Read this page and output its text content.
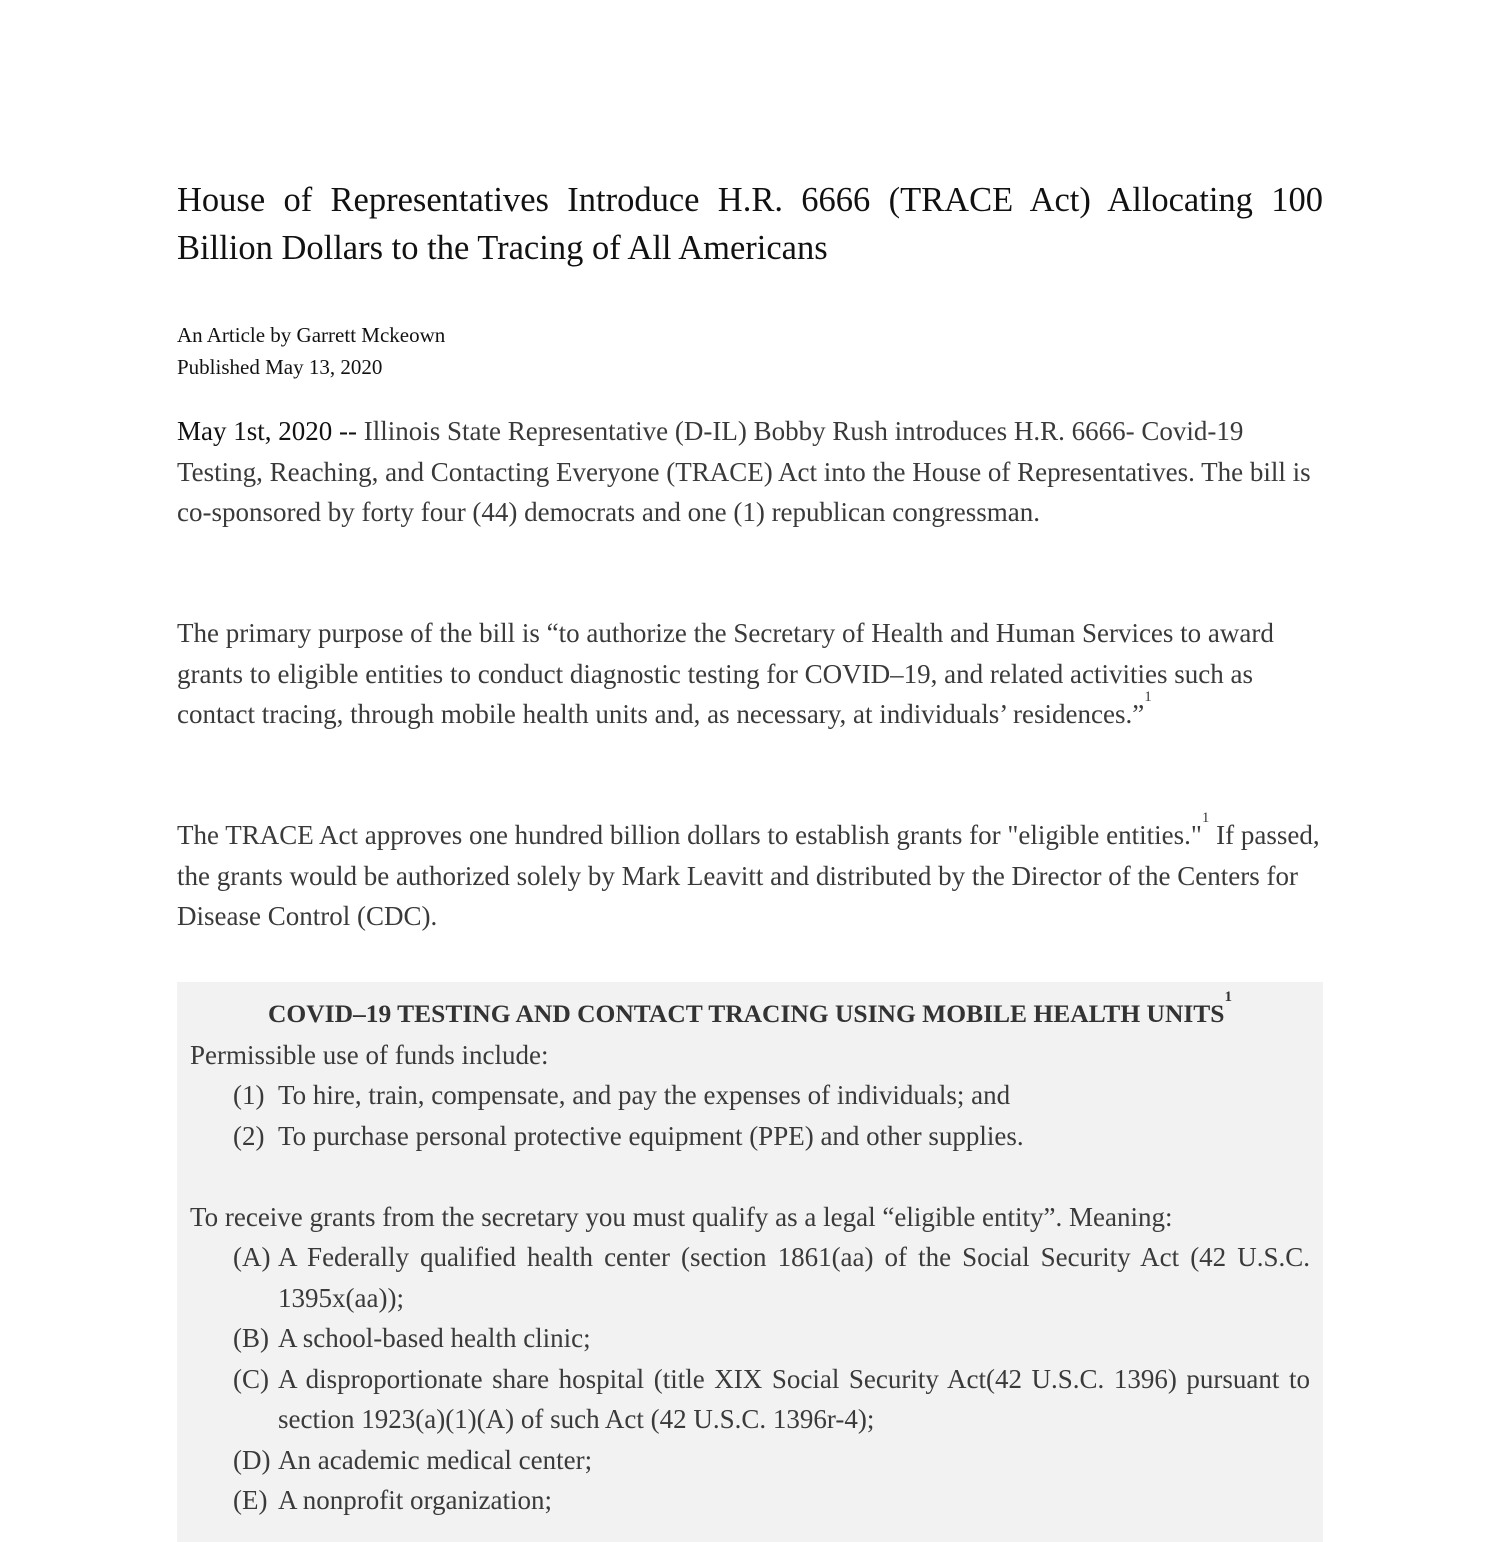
House of Representatives Introduce H.R. 6666 (TRACE Act) Allocating 100 Billion Dollars to the Tracing of All Americans
An Article by Garrett Mckeown
Published May 13, 2020

May 1st, 2020 -- Illinois State Representative (D-IL) Bobby Rush introduces H.R. 6666- Covid-19 Testing, Reaching, and Contacting Everyone (TRACE) Act into the House of Representatives. The bill is co-sponsored by forty four (44) democrats and one (1) republican congressman.

The primary purpose of the bill is “to authorize the Secretary of Health and Human Services to award grants to eligible entities to conduct diagnostic testing for COVID–19, and related activities such as contact tracing, through mobile health units and, as necessary, at individuals’ residences.”$^1$

The TRACE Act approves one hundred billion dollars to establish grants for "eligible entities."$^1$ If passed, the grants would be authorized solely by Mark Leavitt and distributed by the Director of the Centers for Disease Control (CDC).

COVID–19 TESTING AND CONTACT TRACING USING MOBILE HEALTH UNITS$^1$
Permissible use of funds include:
(1) To hire, train, compensate, and pay the expenses of individuals; and
(2) To purchase personal protective equipment (PPE) and other supplies.
To receive grants from the secretary you must qualify as a legal “eligible entity”. Meaning:
(A) A Federally qualified health center (section 1861(aa) of the Social Security Act (42 U.S.C. 1395x(aa));
(B) A school-based health clinic;
(C) A disproportionate share hospital (title XIX Social Security Act(42 U.S.C. 1396) pursuant to section 1923(a)(1)(A) of such Act (42 U.S.C. 1396r-4);
(D) An academic medical center;
(E) A nonprofit organization;
